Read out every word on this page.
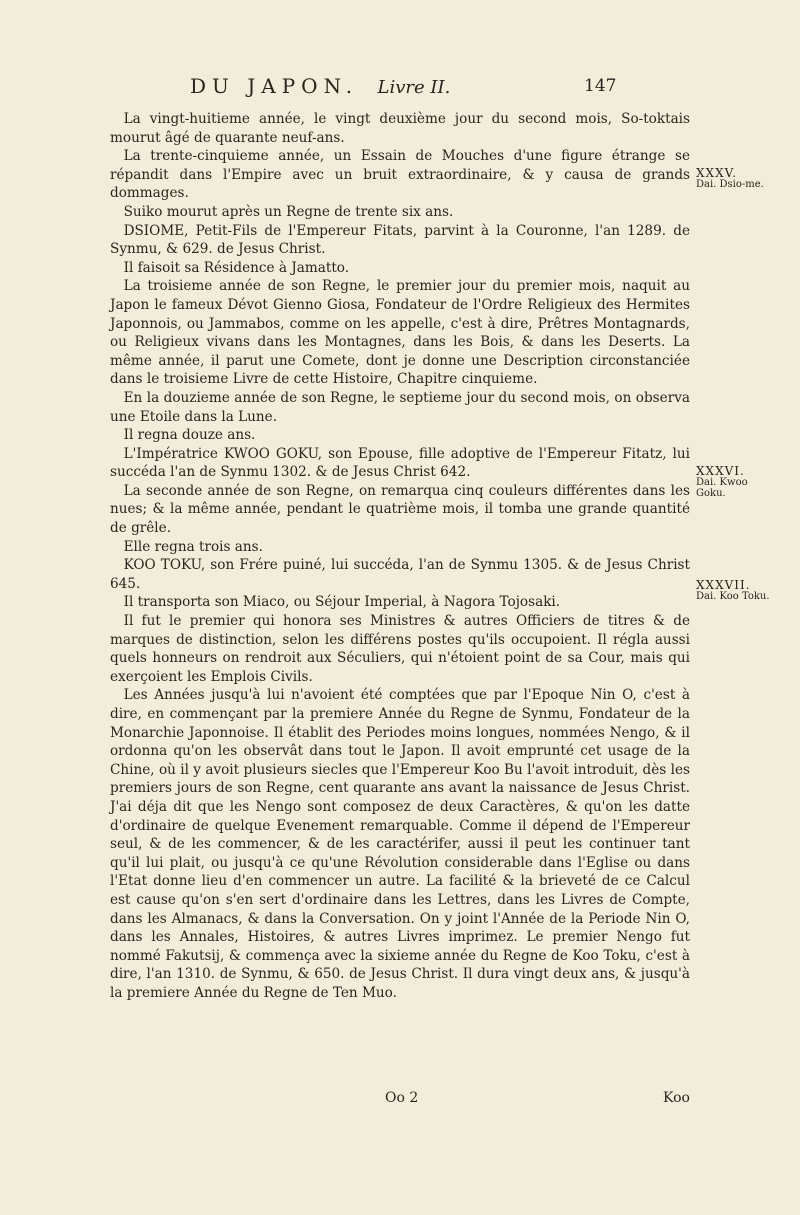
DU JAPON. Livre II.	147

La vingt-huitieme année, le vingt deuxième jour du second mois, So-toktais mourut âgé de quarante neuf-ans.

La trente-cinquieme année, un Essain de Mouches d'une figure étrange se répandit dans l'Empire avec un bruit extraordinaire, & y causa de grands dommages.

Suiko mourut après un Regne de trente six ans.

DSIOME, Petit-Fils de l'Empereur Fitats, parvint à la Couronne, l'an 1289. de Synmu, & 629. de Jesus Christ.

Il faisoit sa Résidence à Jamatto.

La troisieme année de son Regne, le premier jour du premier mois, naquit au Japon le fameux Dévot Gienno Giosa, Fondateur de l'Ordre Religieux des Hermites Japonnois, ou Jammabos, comme on les appelle, c'est à dire, Prêtres Montagnards, ou Religieux vivans dans les Montagnes, dans les Bois, & dans les Deserts. La même année, il parut une Comete, dont je donne une Description circonstanciée dans le troisieme Livre de cette Histoire, Chapitre cinquieme.

En la douzieme année de son Regne, le septieme jour du second mois, on observa une Etoile dans la Lune.

Il regna douze ans.

L'Impératrice KWOO GOKU, son Epouse, fille adoptive de l'Empereur Fitatz, lui succéda l'an de Synmu 1302. & de Jesus Christ 642.

La seconde année de son Regne, on remarqua cinq couleurs différentes dans les nues; & la même année, pendant le quatrième mois, il tomba une grande quantité de grêle.

Elle regna trois ans.

KOO TOKU, son Frére puiné, lui succéda, l'an de Synmu 1305. & de Jesus Christ 645.

Il transporta son Miaco, ou Séjour Imperial, à Nagora Tojosaki.

Il fut le premier qui honora ses Ministres & autres Officiers de titres & de marques de distinction, selon les différens postes qu'ils occupoient. Il régla aussi quels honneurs on rendroit aux Séculiers, qui n'étoient point de sa Cour, mais qui exerçoient les Emplois Civils.

Les Années jusqu'à lui n'avoient été comptées que par l'Epoque Nin O, c'est à dire, en commençant par la premiere Année du Regne de Synmu, Fondateur de la Monarchie Japonnoise. Il établit des Periodes moins longues, nommées Nengo, & il ordonna qu'on les observât dans tout le Japon. Il avoit emprunté cet usage de la Chine, où il y avoit plusieurs siecles que l'Empereur Koo Bu l'avoit introduit, dès les premiers jours de son Regne, cent quarante ans avant la naissance de Jesus Christ. J'ai déja dit que les Nengo sont composez de deux Caractères, & qu'on les datte d'ordinaire de quelque Evenement remarquable. Comme il dépend de l'Empereur seul, & de les commencer, & de les caractérifer, aussi il peut les continuer tant qu'il lui plait, ou jusqu'à ce qu'une Révolution considerable dans l'Eglise ou dans l'Etat donne lieu d'en commencer un autre. La facilité & la brieveté de ce Calcul est cause qu'on s'en sert d'ordinaire dans les Lettres, dans les Livres de Compte, dans les Almanacs, & dans la Conversation. On y joint l'Année de la Periode Nin O, dans les Annales, Histoires, & autres Livres imprimez. Le premier Nengo fut nommé Fakutsij, & commença avec la sixieme année du Regne de Koo Toku, c'est à dire, l'an 1310. de Synmu, & 650. de Jesus Christ. Il dura vingt deux ans, & jusqu'à la premiere Année du Regne de Ten Muo.

XXXV.
Dai. Dsio-me.
XXXVI.
Dai. Kwoo Goku.
XXXVII.
Dai. Koo Toku.
Oo 2	Koo
